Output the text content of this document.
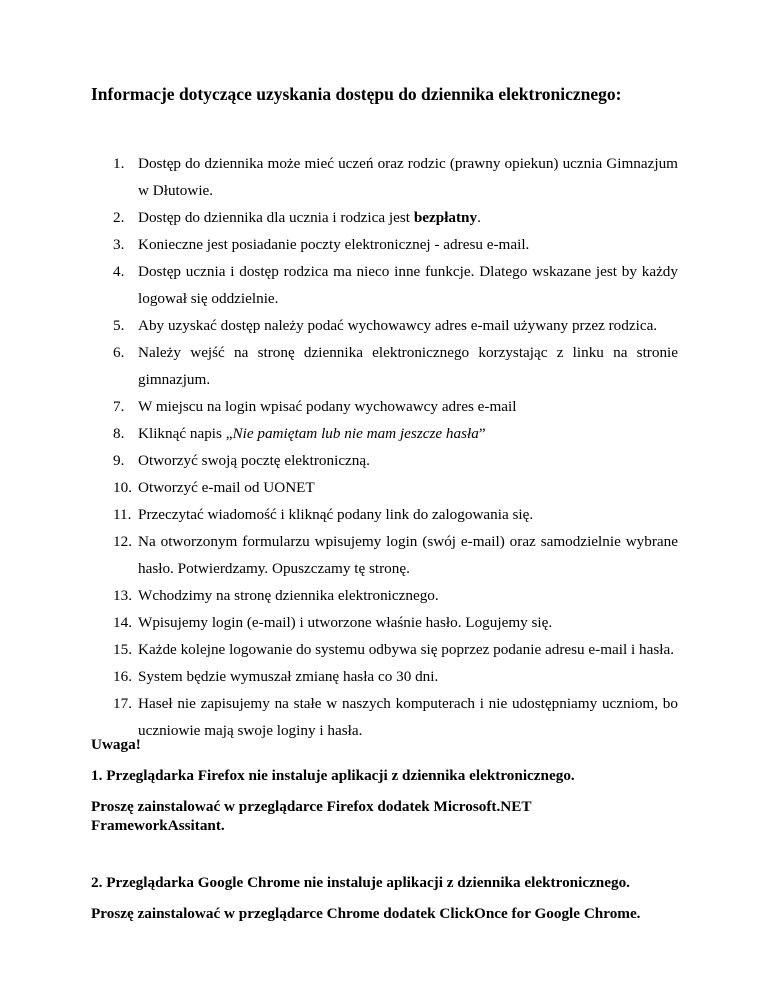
Informacje dotyczące uzyskania dostępu do dziennika elektronicznego:
1. Dostęp do dziennika może mieć uczeń oraz rodzic (prawny opiekun) ucznia Gimnazjum w Dłutowie.
2. Dostęp do dziennika dla ucznia i rodzica jest bezpłatny.
3. Konieczne jest posiadanie poczty elektronicznej - adresu e-mail.
4. Dostęp ucznia i dostęp rodzica ma nieco inne funkcje. Dlatego wskazane jest by każdy logował się oddzielnie.
5. Aby uzyskać dostęp należy podać wychowawcy adres e-mail używany przez rodzica.
6. Należy wejść na stronę dziennika elektronicznego korzystając z linku na stronie gimnazjum.
7. W miejscu na login wpisać podany wychowawcy adres e-mail
8. Kliknąć napis „Nie pamiętam lub nie mam jeszcze hasła”
9. Otworzyć swoją pocztę elektroniczną.
10. Otworzyć e-mail od UONET
11. Przeczytać wiadomość i kliknąć podany link do zalogowania się.
12. Na otworzonym formularzu wpisujemy login (swój e-mail) oraz samodzielnie wybrane hasło. Potwierdzamy. Opuszczamy tę stronę.
13. Wchodzimy na stronę dziennika elektronicznego.
14. Wpisujemy login (e-mail) i utworzone właśnie hasło. Logujemy się.
15. Każde kolejne logowanie do systemu odbywa się poprzez podanie adresu e-mail i hasła.
16. System będzie wymuszał zmianę hasła co 30 dni.
17. Haseł nie zapisujemy na stałe w naszych komputerach i nie udostępniamy uczniom, bo uczniowie mają swoje loginy i hasła.

Uwaga!

1. Przeglądarka Firefox nie instaluje aplikacji z dziennika elektronicznego.

Proszę zainstalować w przeglądarce Firefox dodatek Microsoft.NET
FrameworkAssitant.

2. Przeglądarka Google Chrome nie instaluje aplikacji z dziennika elektronicznego.

Proszę zainstalować w przeglądarce Chrome dodatek ClickOnce for Google Chrome.
